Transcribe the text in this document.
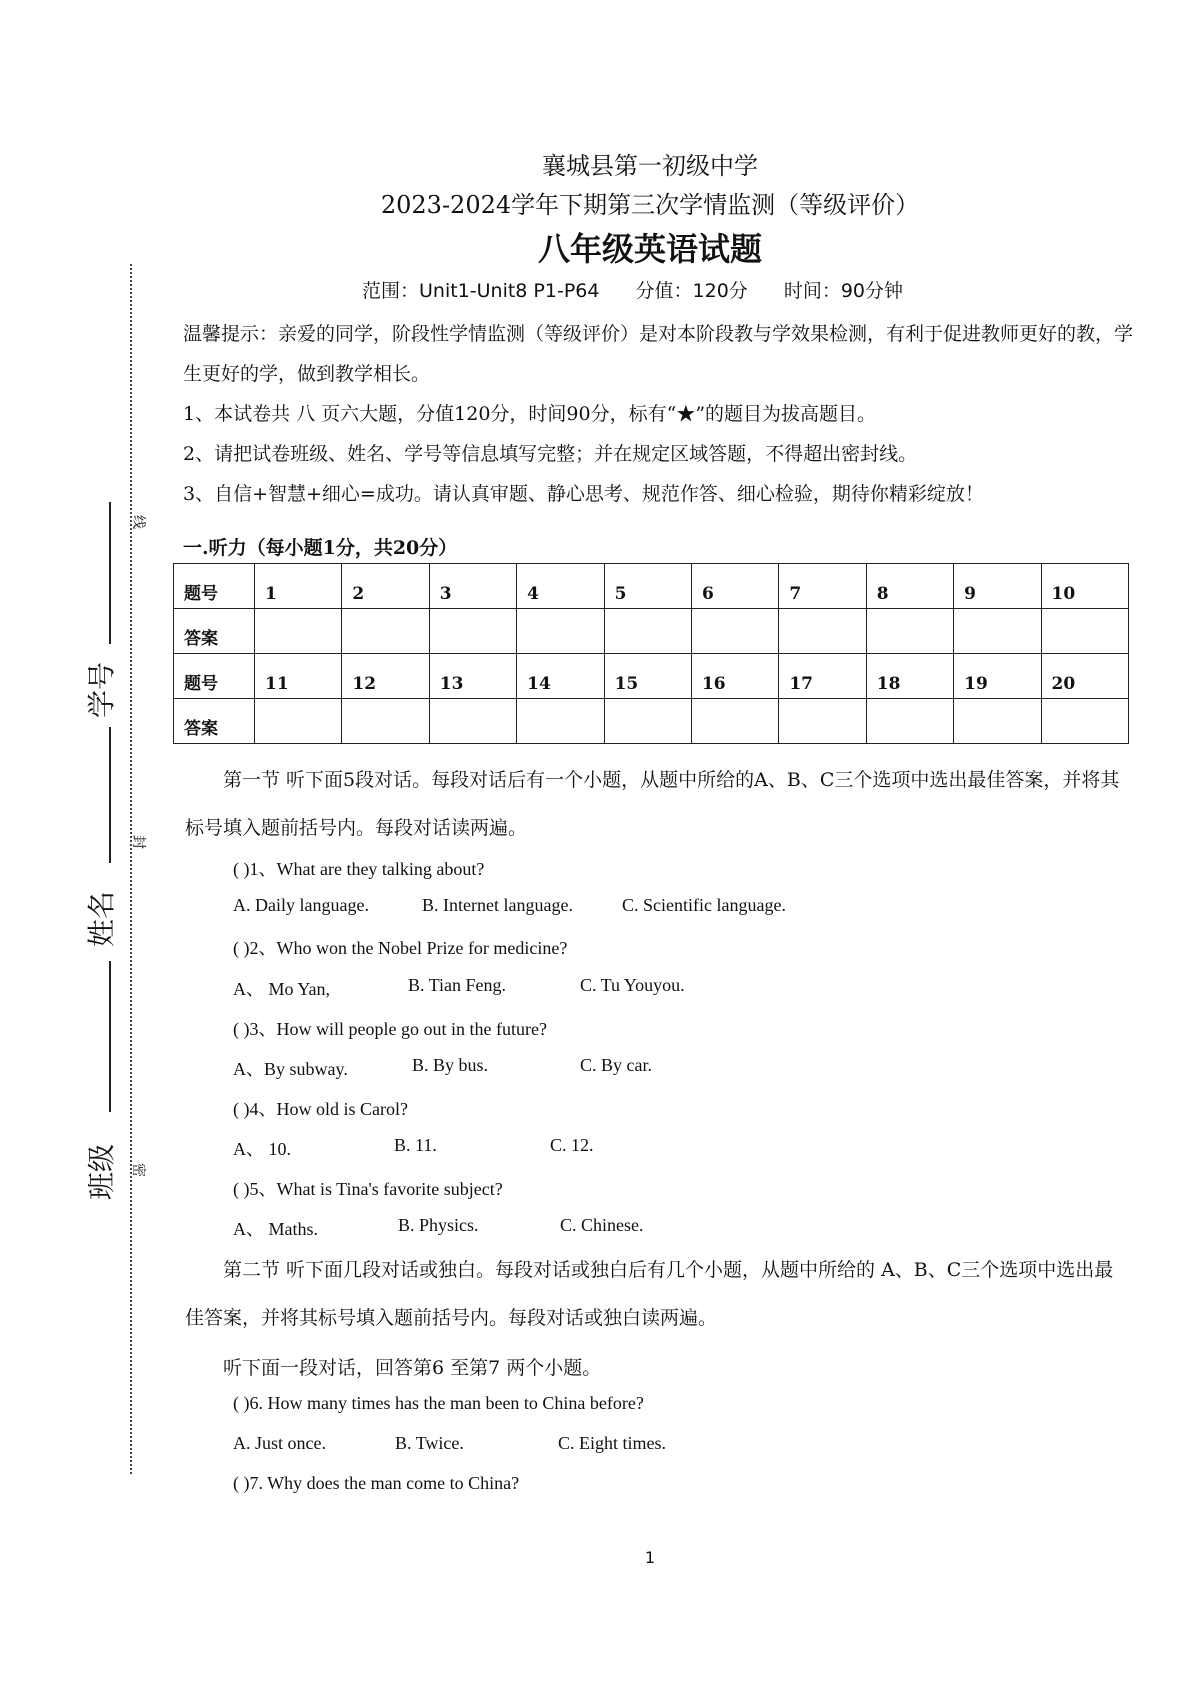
襄城县第一初级中学
2023-2024学年下期第三次学情监测（等级评价）
八年级英语试题
范围：Unit1-Unit8 P1-P64 分值：120分 时间：90分钟
温馨提示：亲爱的同学，阶段性学情监测（等级评价）是对本阶段教与学效果检测，有利于促进教师更好的教，学生更好的学，做到教学相长。
1、本试卷共 八 页六大题，分值120分，时间90分，标有“★”的题目为拔高题目。
2、请把试卷班级、姓名、学号等信息填写完整；并在规定区域答题，不得超出密封线。
3、自信+智慧+细心=成功。请认真审题、静心思考、规范作答、细心检验，期待你精彩绽放！
一.听力（每小题1分，共20分）
题号	1	2	3	4	5	6	7	8	9	10
答案										
题号	11	12	13	14	15	16	17	18	19	20
答案										
第一节 听下面5段对话。每段对话后有一个小题，从题中所给的A、B、C三个选项中选出最佳答案，并将其标号填入题前括号内。每段对话读两遍。
( )1、What are they talking about?
A. Daily language.	B. Internet language.	C. Scientific language.
( )2、Who won the Nobel Prize for medicine?
A、 Mo Yan,	B. Tian Feng.	C. Tu Youyou.
( )3、How will people go out in the future?
A、By subway.	B. By bus.	C. By car.
( )4、How old is Carol?
A、 10.	B. 11.	C. 12.
( )5、What is Tina's favorite subject?
A、 Maths.	B. Physics.	C. Chinese.
第二节 听下面几段对话或独白。每段对话或独白后有几个小题，从题中所给的 A、B、C三个选项中选出最佳答案，并将其标号填入题前括号内。每段对话或独白读两遍。
听下面一段对话，回答第6 至第7 两个小题。
( )6. How many times has the man been to China before?
A. Just once.	B. Twice.	C. Eight times.
( )7. Why does the man come to China?
线
封
密
班级
姓名
学号
1
